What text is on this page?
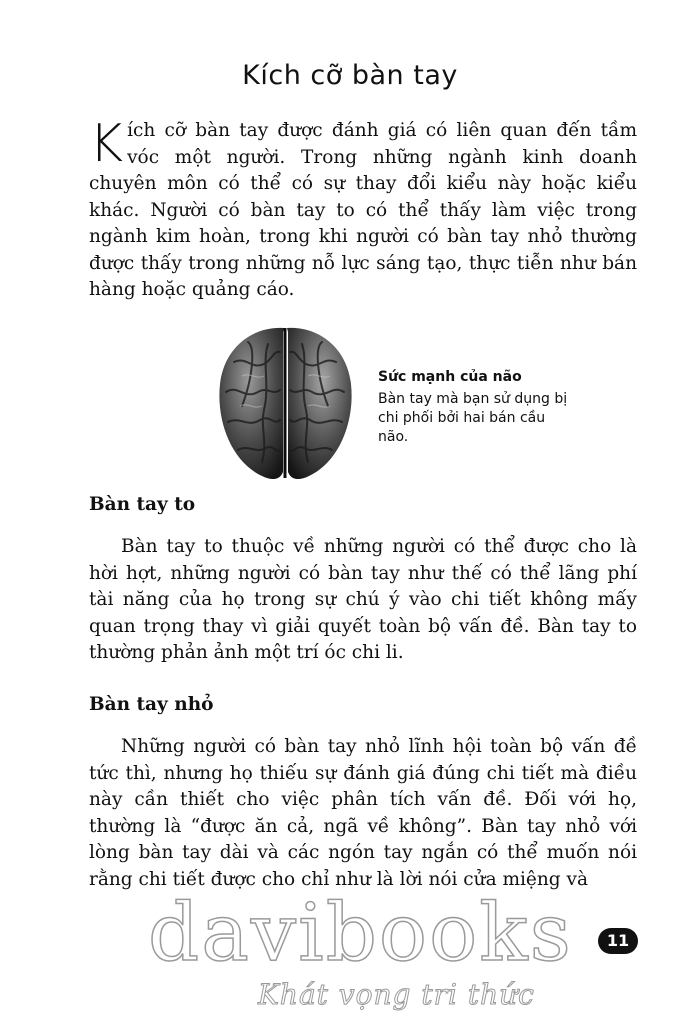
Kích cỡ bàn tay
Kích cỡ bàn tay được đánh giá có liên quan đến tầm vóc một người. Trong những ngành kinh doanh chuyên môn có thể có sự thay đổi kiểu này hoặc kiểu khác. Người có bàn tay to có thể thấy làm việc trong ngành kim hoàn, trong khi người có bàn tay nhỏ thường được thấy trong những nỗ lực sáng tạo, thực tiễn như bán hàng hoặc quảng cáo.
Sức mạnh của não
Bàn tay mà bạn sử dụng bị chi phối bởi hai bán cầu não.
Bàn tay to
Bàn tay to thuộc về những người có thể được cho là hời hợt, những người có bàn tay như thế có thể lãng phí tài năng của họ trong sự chú ý vào chi tiết không mấy quan trọng thay vì giải quyết toàn bộ vấn đề. Bàn tay to thường phản ảnh một trí óc chi li.
Bàn tay nhỏ
Những người có bàn tay nhỏ lĩnh hội toàn bộ vấn đề tức thì, nhưng họ thiếu sự đánh giá đúng chi tiết mà điều này cần thiết cho việc phân tích vấn đề. Đối với họ, thường là “được ăn cả, ngã về không”. Bàn tay nhỏ với lòng bàn tay dài và các ngón tay ngắn có thể muốn nói rằng chi tiết được cho chỉ như là lời nói cửa miệng và
davibooks
Khát vọng tri thức
11
